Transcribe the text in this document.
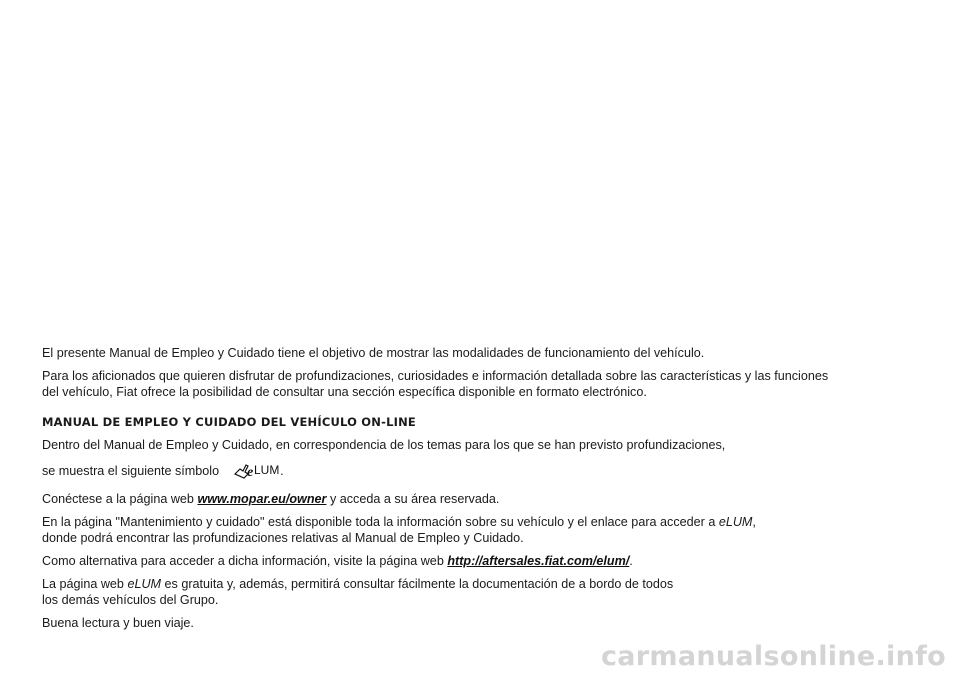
El presente Manual de Empleo y Cuidado tiene el objetivo de mostrar las modalidades de funcionamiento del vehículo.

Para los aficionados que quieren disfrutar de profundizaciones, curiosidades e información detallada sobre las características y las funciones
del vehículo, Fiat ofrece la posibilidad de consultar una sección específica disponible en formato electrónico.

MANUAL DE EMPLEO Y CUIDADO DEL VEHÍCULO ON-LINE

Dentro del Manual de Empleo y Cuidado, en correspondencia de los temas para los que se han previsto profundizaciones,

se muestra el siguiente símbolo e LUM .

Conéctese a la página web www.mopar.eu/owner y acceda a su área reservada.

En la página "Mantenimiento y cuidado" está disponible toda la información sobre su vehículo y el enlace para acceder a eLUM,
donde podrá encontrar las profundizaciones relativas al Manual de Empleo y Cuidado.

Como alternativa para acceder a dicha información, visite la página web http://aftersales.fiat.com/elum/.

La página web eLUM es gratuita y, además, permitirá consultar fácilmente la documentación de a bordo de todos
los demás vehículos del Grupo.

Buena lectura y buen viaje.

carmanualsonline.info
